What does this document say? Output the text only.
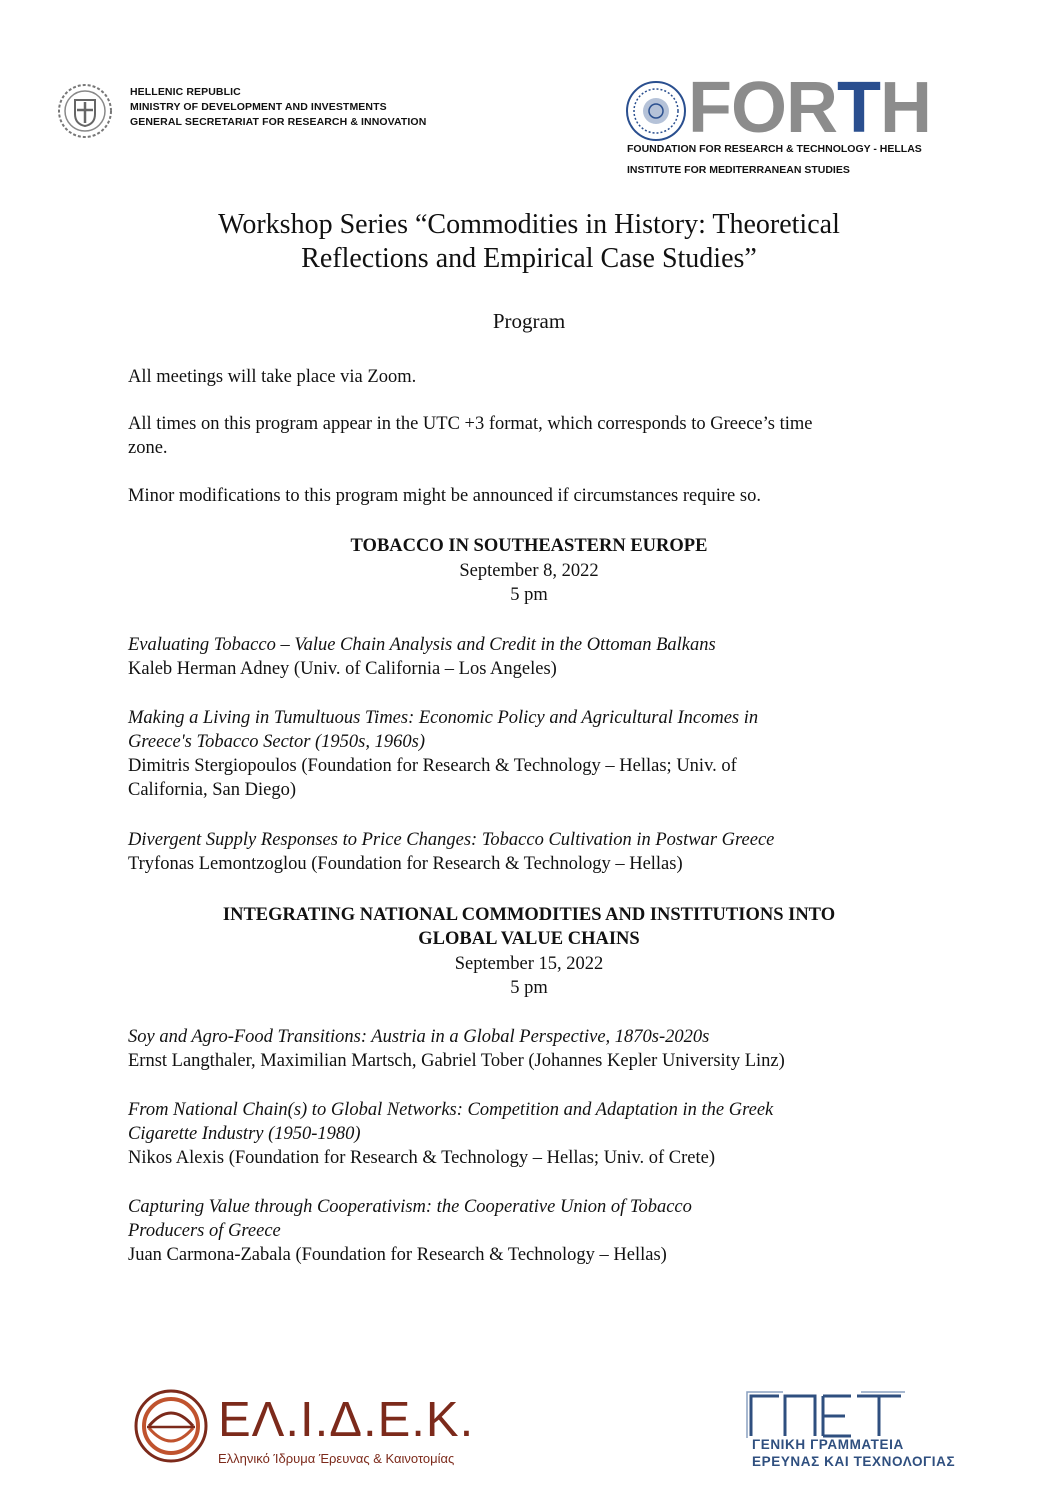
HELLENIC REPUBLIC
MINISTRY OF DEVELOPMENT AND INVESTMENTS
GENERAL SECRETARIAT FOR RESEARCH & INNOVATION	FORTH
FOUNDATION FOR RESEARCH & TECHNOLOGY - HELLAS
INSTITUTE FOR MEDITERRANEAN STUDIES
Workshop Series “Commodities in History: Theoretical
Reflections and Empirical Case Studies”
Program
All meetings will take place via Zoom.
All times on this program appear in the UTC +3 format, which corresponds to Greece’s time
zone.
Minor modifications to this program might be announced if circumstances require so.
TOBACCO IN SOUTHEASTERN EUROPE
September 8, 2022
5 pm
Evaluating Tobacco – Value Chain Analysis and Credit in the Ottoman Balkans
Kaleb Herman Adney (Univ. of California – Los Angeles)
Making a Living in Tumultuous Times: Economic Policy and Agricultural Incomes in
Greece's Tobacco Sector (1950s, 1960s)
Dimitris Stergiopoulos (Foundation for Research & Technology – Hellas; Univ. of
California, San Diego)
Divergent Supply Responses to Price Changes: Tobacco Cultivation in Postwar Greece
Tryfonas Lemontzoglou (Foundation for Research & Technology – Hellas)
INTEGRATING NATIONAL COMMODITIES AND INSTITUTIONS INTO
GLOBAL VALUE CHAINS
September 15, 2022
5 pm
Soy and Agro-Food Transitions: Austria in a Global Perspective, 1870s-2020s
Ernst Langthaler, Maximilian Martsch, Gabriel Tober (Johannes Kepler University Linz)
From National Chain(s) to Global Networks: Competition and Adaptation in the Greek
Cigarette Industry (1950-1980)
Nikos Alexis (Foundation for Research & Technology – Hellas; Univ. of Crete)
Capturing Value through Cooperativism: the Cooperative Union of Tobacco
Producers of Greece
Juan Carmona-Zabala (Foundation for Research & Technology – Hellas)
ΕΛ.Ι.Δ.Ε.Κ.
Ελληνικό Ίδρυμα Έρευνας & Καινοτομίας
ΓΕΝΙΚΗ ΓΡΑΜΜΑΤΕΙΑ
ΕΡΕΥΝΑΣ ΚΑΙ ΤΕΧΝΟΛΟΓΙΑΣ
